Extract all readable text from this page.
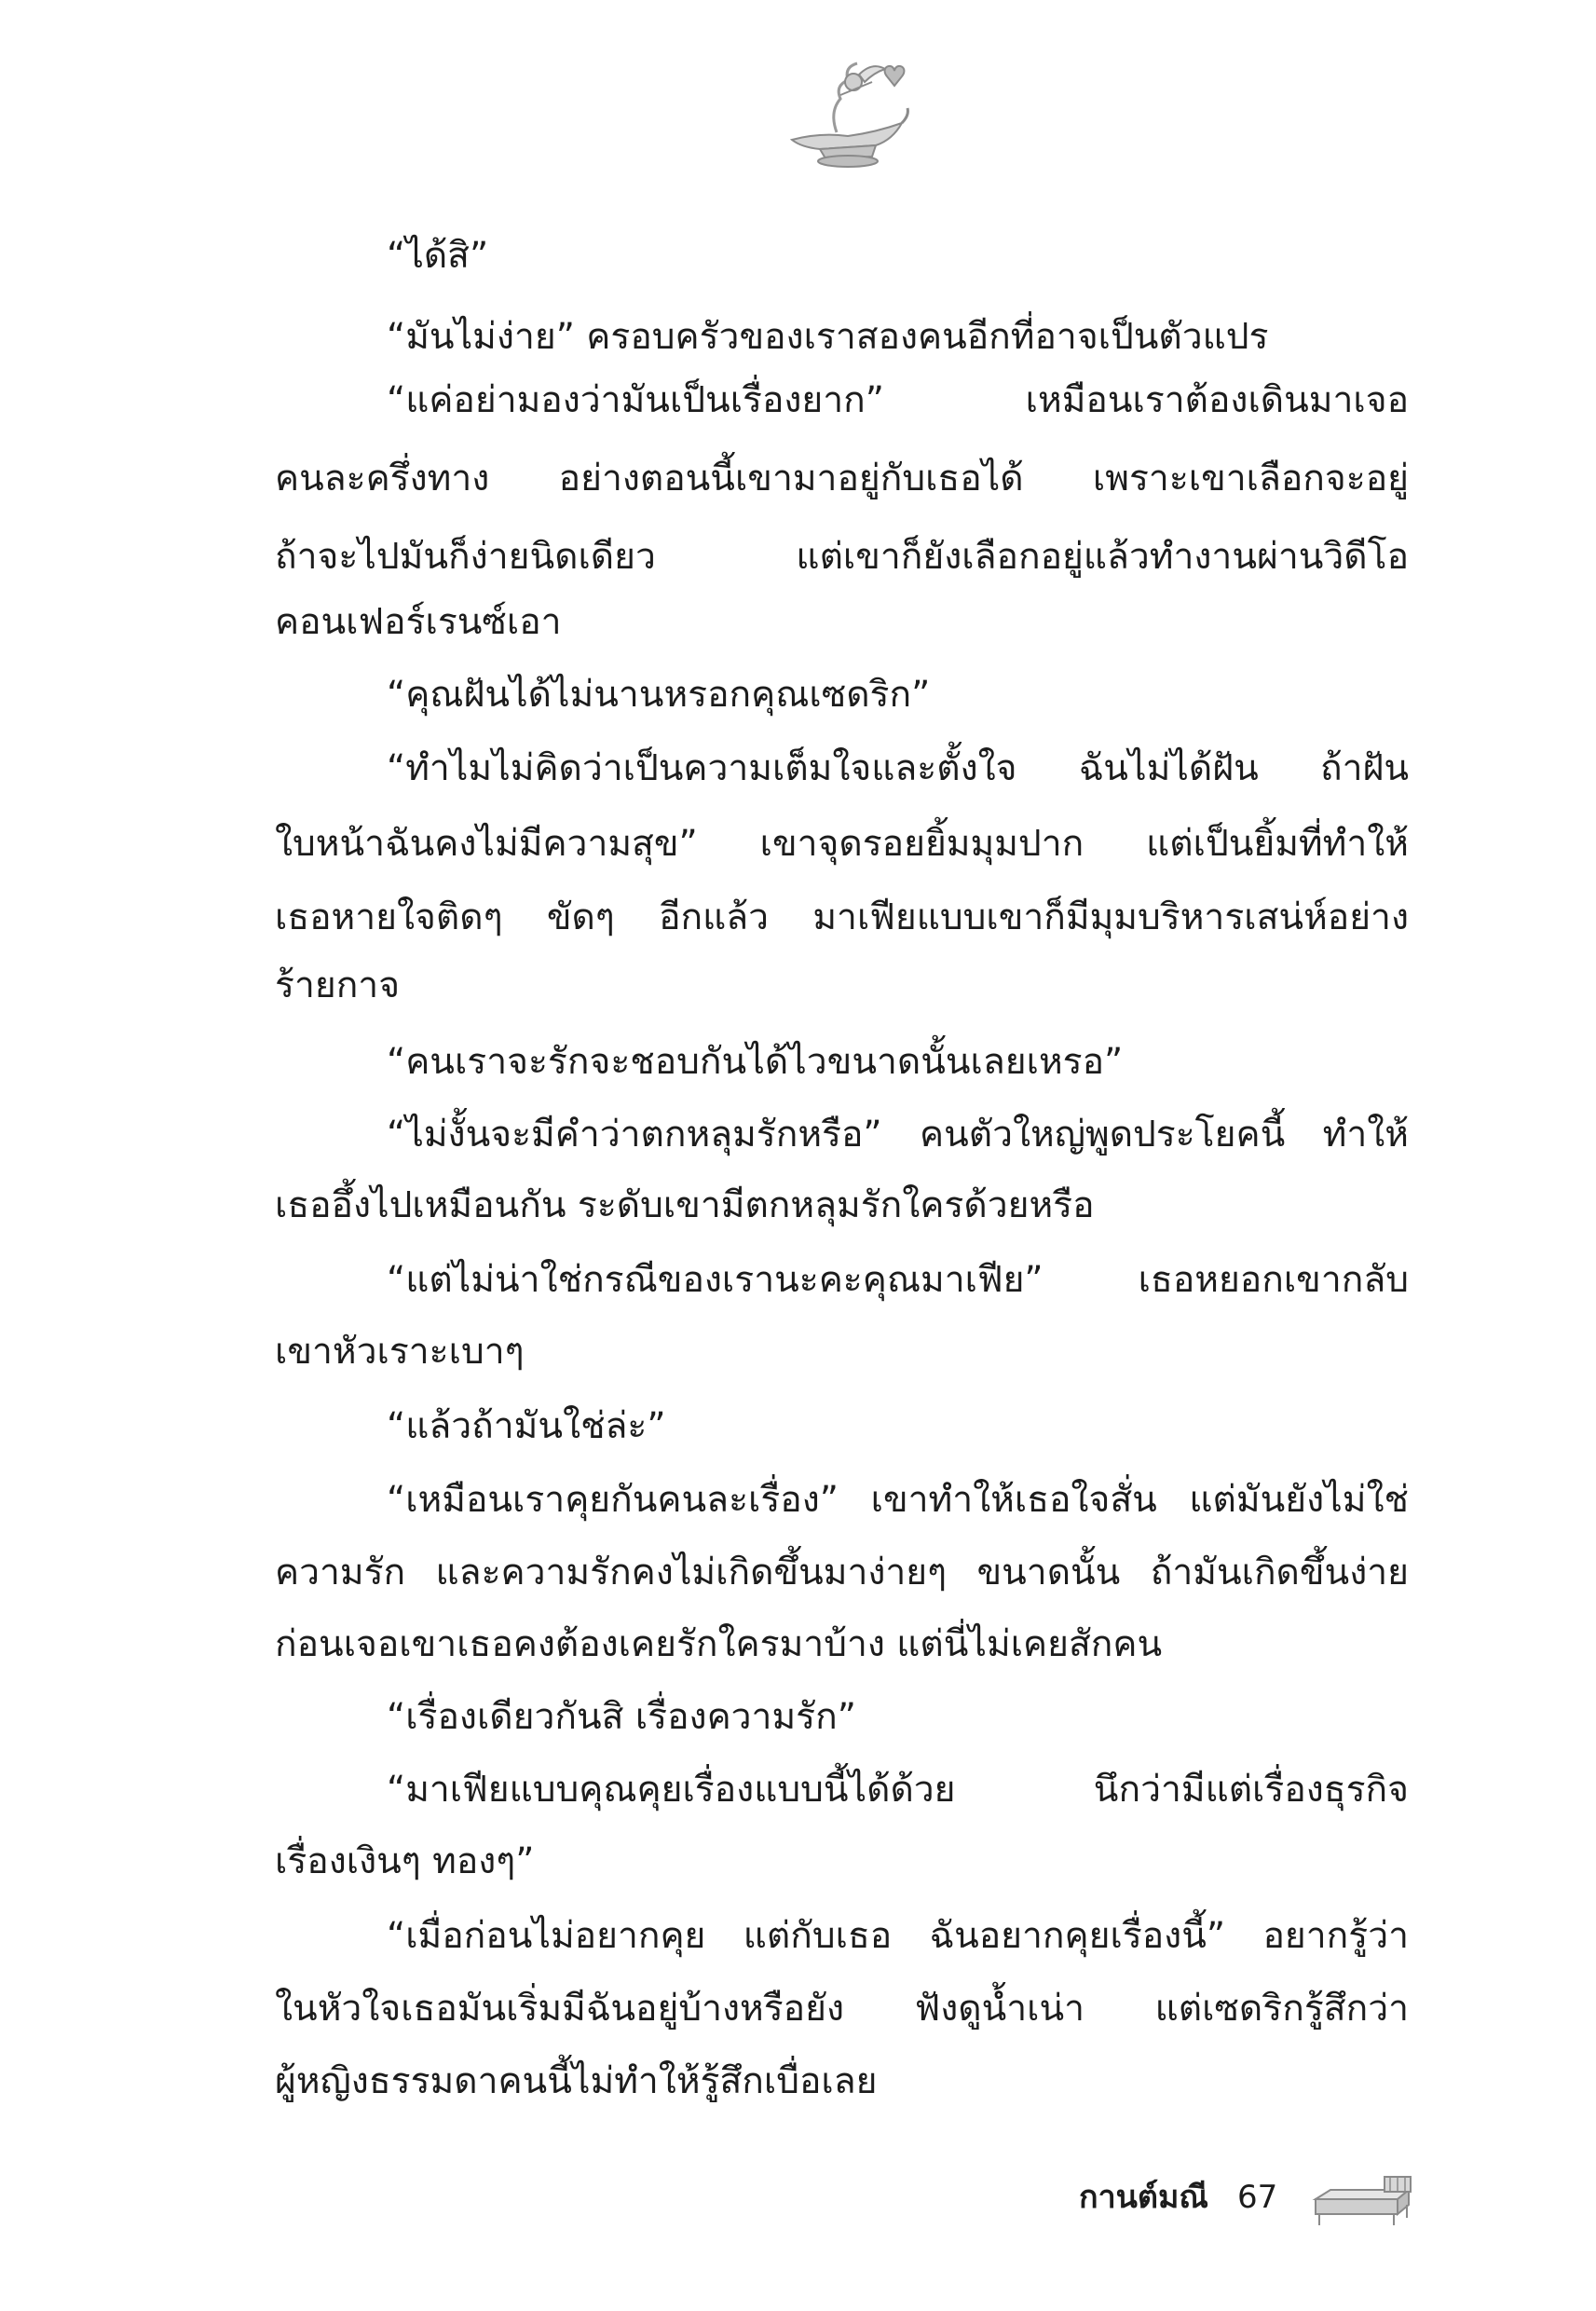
“ได้สิ”

“มันไม่ง่าย” ครอบครัวของเราสองคนอีกที่อาจเป็นตัวแปร

“แค่อย่ามองว่ามันเป็นเรื่องยาก” เหมือนเราต้องเดินมาเจอ

คนละครึ่งทาง อย่างตอนนี้เขามาอยู่กับเธอได้ เพราะเขาเลือกจะอยู่

ถ้าจะไปมันก็ง่ายนิดเดียว แต่เขาก็ยังเลือกอยู่แล้วทำงานผ่านวิดีโอ

คอนเฟอร์เรนซ์เอา

“คุณฝันได้ไม่นานหรอกคุณเซดริก”

“ทำไมไม่คิดว่าเป็นความเต็มใจและตั้งใจ ฉันไม่ได้ฝัน ถ้าฝัน

ใบหน้าฉันคงไม่มีความสุข” เขาจุดรอยยิ้มมุมปาก แต่เป็นยิ้มที่ทำให้

เธอหายใจติดๆ ขัดๆ อีกแล้ว มาเฟียแบบเขาก็มีมุมบริหารเสน่ห์อย่าง

ร้ายกาจ

“คนเราจะรักจะชอบกันได้ไวขนาดนั้นเลยเหรอ”

“ไม่งั้นจะมีคำว่าตกหลุมรักหรือ” คนตัวใหญ่พูดประโยคนี้ ทำให้

เธออึ้งไปเหมือนกัน ระดับเขามีตกหลุมรักใครด้วยหรือ

“แต่ไม่น่าใช่กรณีของเรานะคะคุณมาเฟีย” เธอหยอกเขากลับ

เขาหัวเราะเบาๆ

“แล้วถ้ามันใช่ล่ะ”

“เหมือนเราคุยกันคนละเรื่อง” เขาทำให้เธอใจสั่น แต่มันยังไม่ใช่

ความรัก และความรักคงไม่เกิดขึ้นมาง่ายๆ ขนาดนั้น ถ้ามันเกิดขึ้นง่าย

ก่อนเจอเขาเธอคงต้องเคยรักใครมาบ้าง แต่นี่ไม่เคยสักคน

“เรื่องเดียวกันสิ เรื่องความรัก”

“มาเฟียแบบคุณคุยเรื่องแบบนี้ได้ด้วย นึกว่ามีแต่เรื่องธุรกิจ

เรื่องเงินๆ ทองๆ”

“เมื่อก่อนไม่อยากคุย แต่กับเธอ ฉันอยากคุยเรื่องนี้” อยากรู้ว่า

ในหัวใจเธอมันเริ่มมีฉันอยู่บ้างหรือยัง ฟังดูน้ำเน่า แต่เซดริกรู้สึกว่า

ผู้หญิงธรรมดาคนนี้ไม่ทำให้รู้สึกเบื่อเลย

กานต์มณี 67
